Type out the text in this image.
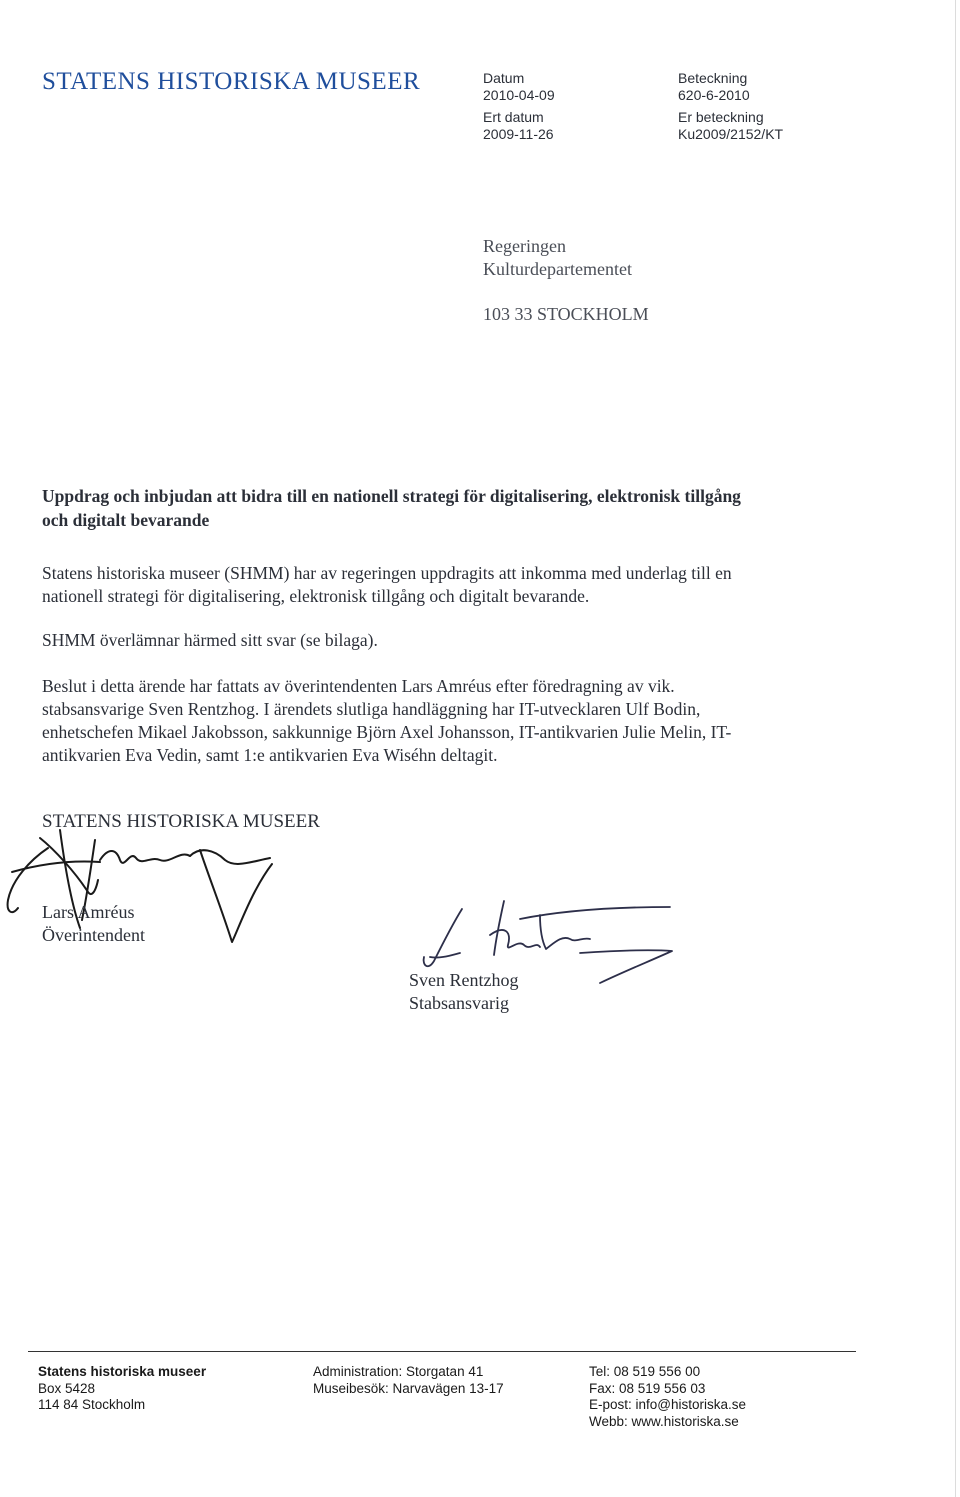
STATENS HISTORISKA MUSEER	Datum
2010-04-09
Ert datum
2009-11-26
Beteckning
620-6-2010
Er beteckning
Ku2009/2152/KT
Regeringen
Kulturdepartementet
103 33 STOCKHOLM
Uppdrag och inbjudan att bidra till en nationell strategi för digitalisering, elektronisk tillgång
och digitalt bevarande
Statens historiska museer (SHMM) har av regeringen uppdragits att inkomma med underlag till en
nationell strategi för digitalisering, elektronisk tillgång och digitalt bevarande.
SHMM överlämnar härmed sitt svar (se bilaga).
Beslut i detta ärende har fattats av överintendenten Lars Amréus efter föredragning av vik.
stabsansvarige Sven Rentzhog. I ärendets slutliga handläggning har IT-utvecklaren Ulf Bodin,
enhetschefen Mikael Jakobsson, sakkunnige Björn Axel Johansson, IT-antikvarien Julie Melin, IT-
antikvarien Eva Vedin, samt 1:e antikvarien Eva Wiséhn deltagit.
STATENS HISTORISKA MUSEER
Lars Amréus
Överintendent
Sven Rentzhog
Stabsansvarig
Statens historiska museer
Box 5428
114 84 Stockholm
Administration: Storgatan 41
Museibesök: Narvavägen 13-17
Tel: 08 519 556 00
Fax: 08 519 556 03
E-post: info@historiska.se
Webb: www.historiska.se
